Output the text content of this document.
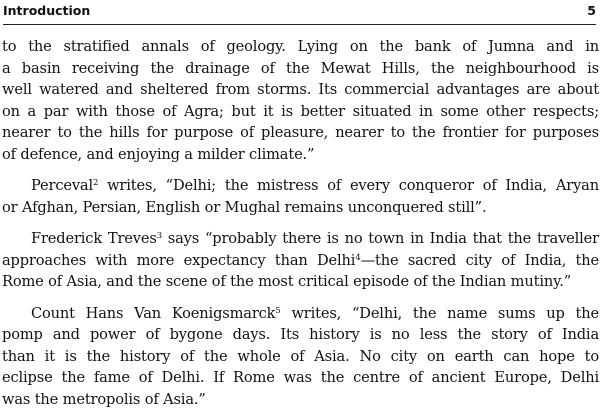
Introduction	5

to the stratified annals of geology. Lying on the bank of Jumna and in
a basin receiving the drainage of the Mewat Hills, the neighbourhood is
well watered and sheltered from storms. Its commercial advantages are about
on a par with those of Agra; but it is better situated in some other respects;
nearer to the hills for purpose of pleasure, nearer to the frontier for purposes
of defence, and enjoying a milder climate.”

Perceval$^2$ writes, “Delhi; the mistress of every conqueror of India, Aryan
or Afghan, Persian, English or Mughal remains unconquered still”.

Frederick Treves$^3$ says “probably there is no town in India that the traveller
approaches with more expectancy than Delhi$^4$—the sacred city of India, the
Rome of Asia, and the scene of the most critical episode of the Indian mutiny.”

Count Hans Van Koenigsmarck$^5$ writes, “Delhi, the name sums up the
pomp and power of bygone days. Its history is no less the story of India
than it is the history of the whole of Asia. No city on earth can hope to
eclipse the fame of Delhi. If Rome was the centre of ancient Europe, Delhi
was the metropolis of Asia.”
